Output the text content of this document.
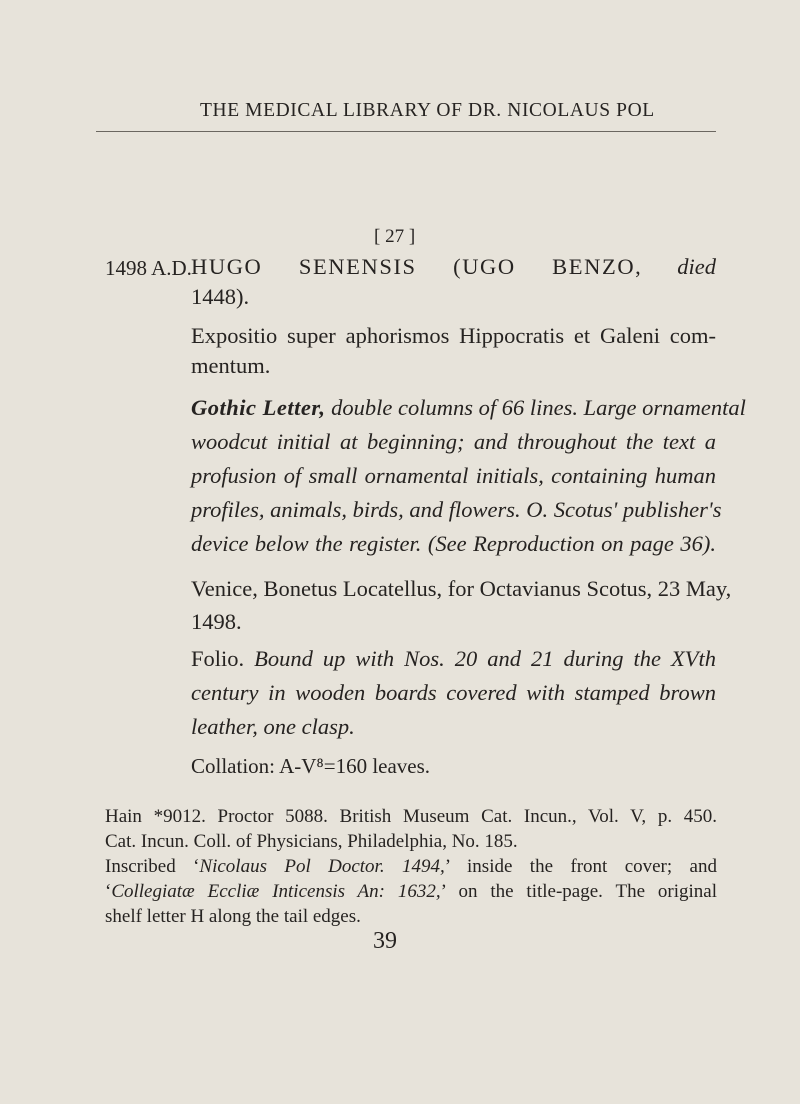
THE MEDICAL LIBRARY OF DR. NICOLAUS POL
[ 27 ]
1498 A.D. HUGO SENENSIS (UGO BENZO, died
1448).
Expositio super aphorismos Hippocratis et Galeni com-
mentum.
Gothic Letter, double columns of 66 lines. Large ornamental
woodcut initial at beginning; and throughout the text a
profusion of small ornamental initials, containing human
profiles, animals, birds, and flowers. O. Scotus' publisher's
device below the register. (See Reproduction on page 36).
Venice, Bonetus Locatellus, for Octavianus Scotus, 23 May,
1498.
Folio. Bound up with Nos. 20 and 21 during the XVth
century in wooden boards covered with stamped brown
leather, one clasp.
Collation: A-V⁸=160 leaves.
Hain *9012. Proctor 5088. British Museum Cat. Incun., Vol. V, p. 450.
Cat. Incun. Coll. of Physicians, Philadelphia, No. 185.
Inscribed ‘Nicolaus Pol Doctor. 1494,’ inside the front cover; and
‘Collegiatæ Eccliæ Inticensis An: 1632,’ on the title-page. The original
shelf letter H along the tail edges.
39
